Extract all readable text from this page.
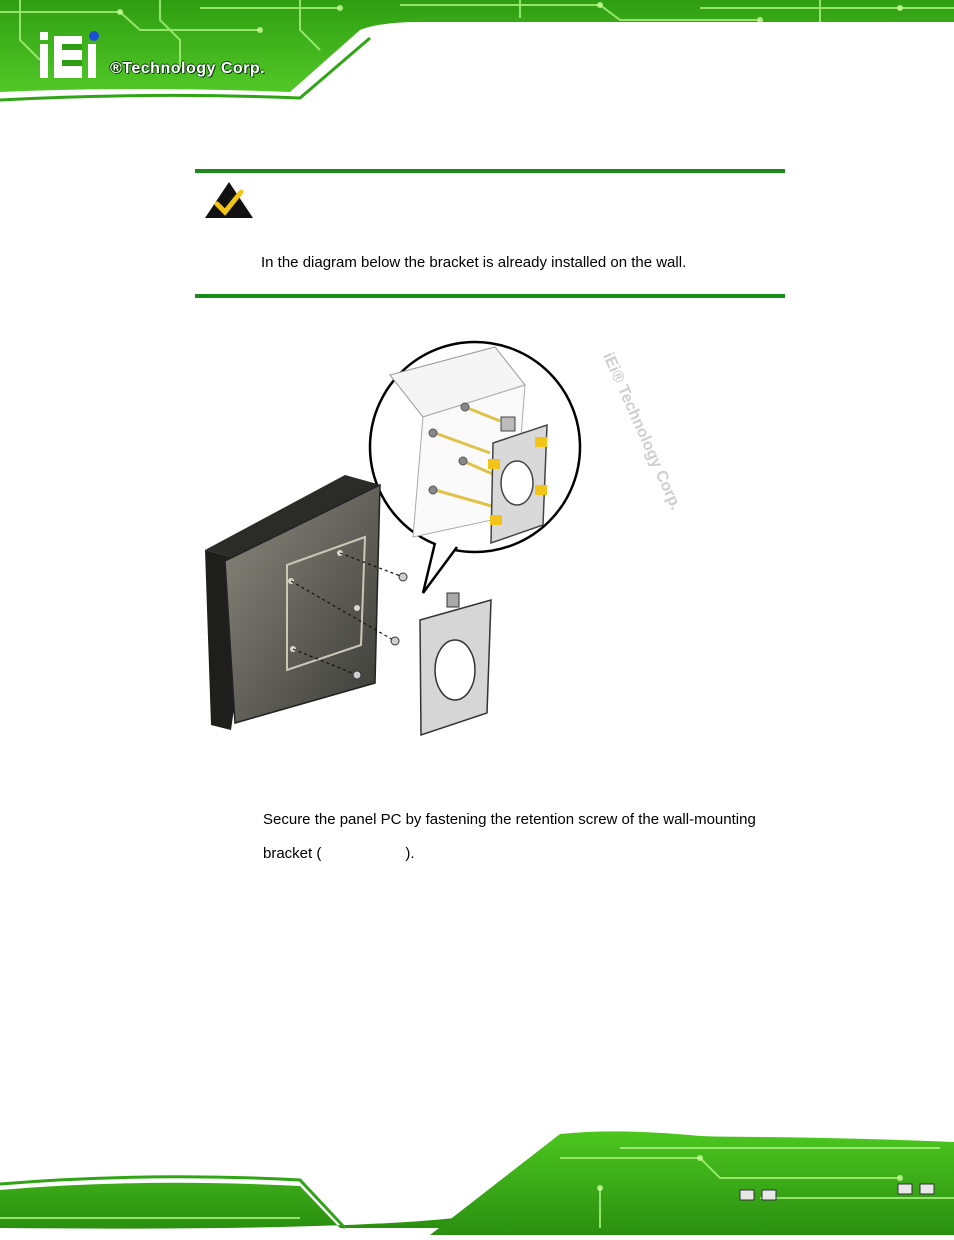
®Technology Corp.
In the diagram below the bracket is already installed on the wall.
iEi® Technology Corp.
Secure the panel PC by fastening the retention screw of the wall-mounting
bracket (	).
